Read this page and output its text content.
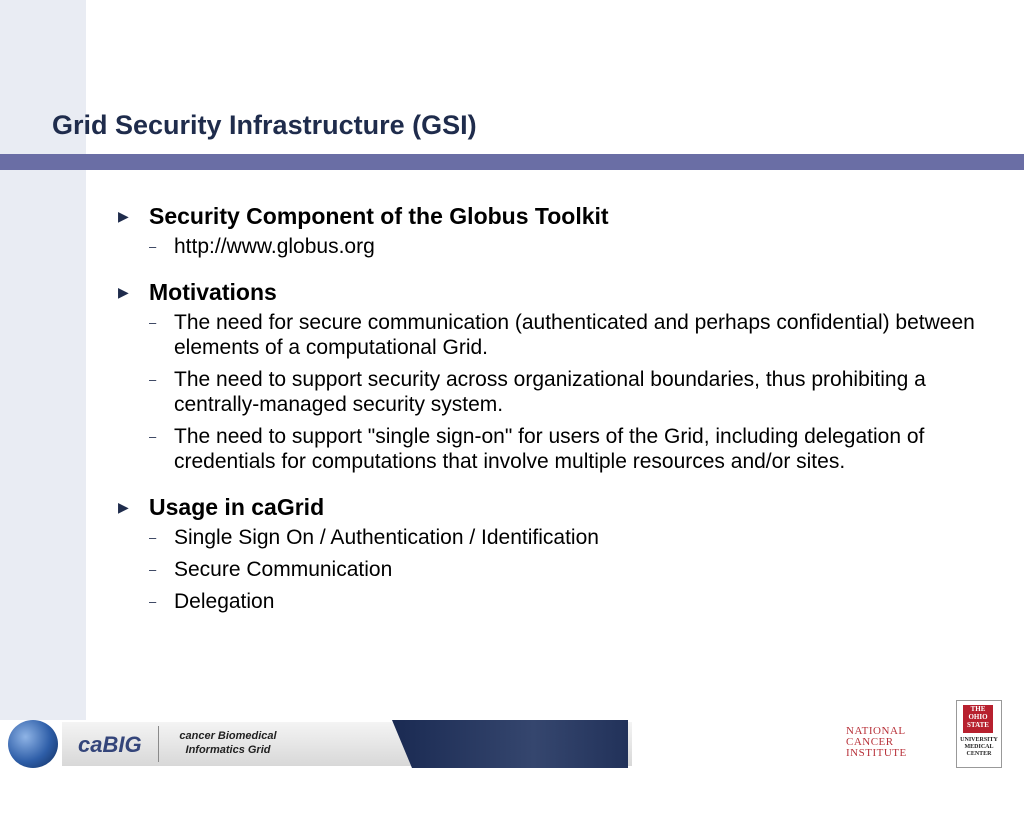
Grid Security Infrastructure (GSI)
▶ Security Component of the Globus Toolkit
– http://www.globus.org
▶ Motivations
– The need for secure communication (authenticated and perhaps confidential) between elements of a computational Grid.
– The need to support security across organizational boundaries, thus prohibiting a centrally-managed security system.
– The need to support "single sign-on" for users of the Grid, including delegation of credentials for computations that involve multiple resources and/or sites.
▶ Usage in caGrid
– Single Sign On / Authentication / Identification
– Secure Communication
– Delegation
caBIG	cancer Biomedical
Informatics Grid
NATIONAL
CANCER
INSTITUTE
THE
OHIO
STATE
UNIVERSITY
MEDICAL
CENTER
